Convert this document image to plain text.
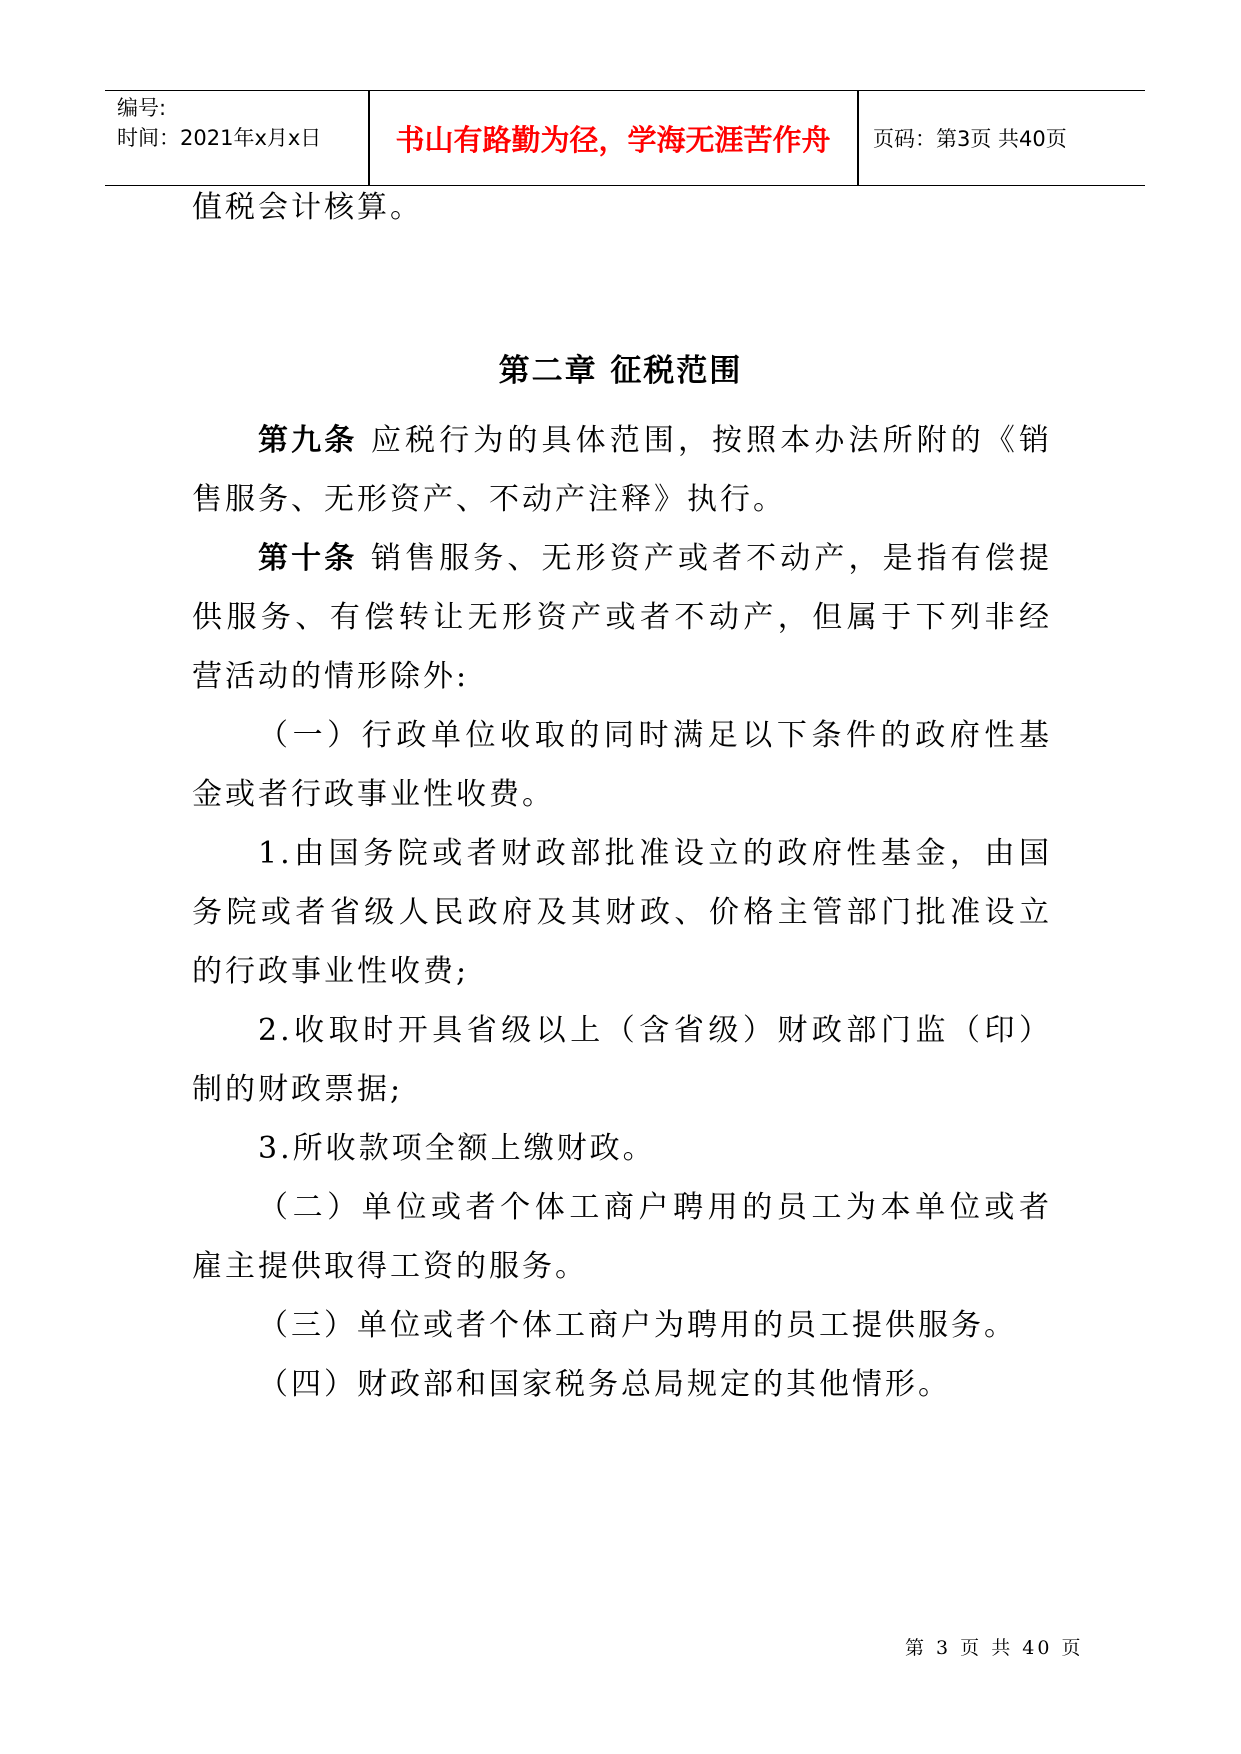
编号:
时间：2021年x月x日	书山有路勤为径，学海无涯苦作舟	页码：第3页 共40页
值税会计核算。
第九条 应税行为的具体范围，按照本办法所附的《销
售服务、无形资产、不动产注释》执行。
第十条 销售服务、无形资产或者不动产，是指有偿提
供服务、有偿转让无形资产或者不动产，但属于下列非经
营活动的情形除外:
（一）行政单位收取的同时满足以下条件的政府性基
金或者行政事业性收费。
1.由国务院或者财政部批准设立的政府性基金，由国
务院或者省级人民政府及其财政、价格主管部门批准设立
的行政事业性收费;
2.收取时开具省级以上（含省级）财政部门监（印）
制的财政票据;
3.所收款项全额上缴财政。
（二）单位或者个体工商户聘用的员工为本单位或者
雇主提供取得工资的服务。
（三）单位或者个体工商户为聘用的员工提供服务。
（四）财政部和国家税务总局规定的其他情形。
第二章 征税范围
第 3 页 共 40 页
